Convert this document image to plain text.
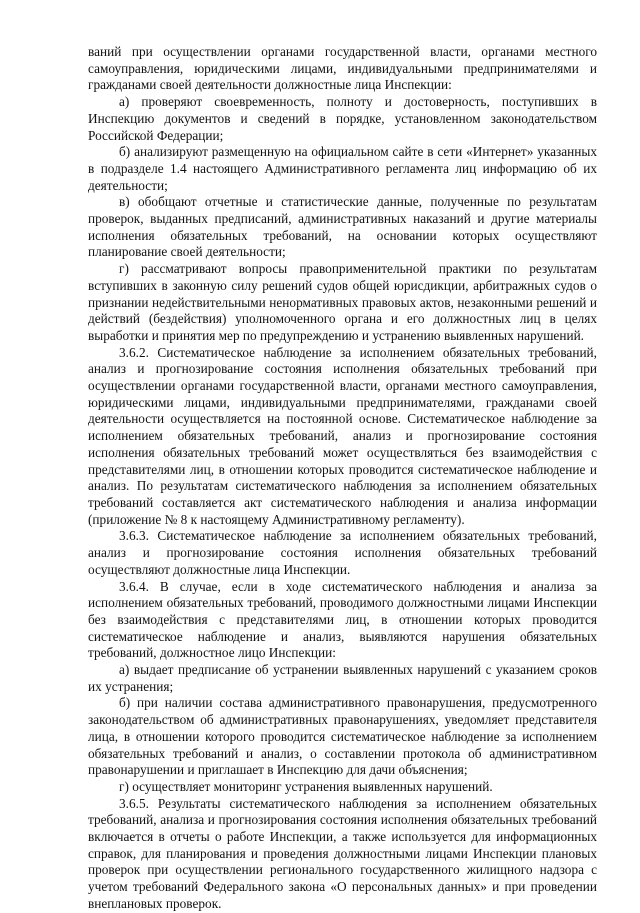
ваний при осуществлении органами государственной власти, органами местного самоуправления, юридическими лицами, индивидуальными предпринимателями и гражданами своей деятельности должностные лица Инспекции:

а) проверяют своевременность, полноту и достоверность, поступивших в Инспекцию документов и сведений в порядке, установленном законодательством Российской Федерации;

б) анализируют размещенную на официальном сайте в сети «Интернет» указанных в подразделе 1.4 настоящего Административного регламента лиц информацию об их деятельности;

в) обобщают отчетные и статистические данные, полученные по результатам проверок, выданных предписаний, административных наказаний и другие материалы исполнения обязательных требований, на основании которых осуществляют планирование своей деятельности;

г) рассматривают вопросы правоприменительной практики по результатам вступивших в законную силу решений судов общей юрисдикции, арбитражных судов о признании недействительными ненормативных правовых актов, незаконными решений и действий (бездействия) уполномоченного органа и его должностных лиц в целях выработки и принятия мер по предупреждению и устранению выявленных нарушений.

3.6.2. Систематическое наблюдение за исполнением обязательных требований, анализ и прогнозирование состояния исполнения обязательных требований при осуществлении органами государственной власти, органами местного самоуправления, юридическими лицами, индивидуальными предпринимателями, гражданами своей деятельности осуществляется на постоянной основе. Систематическое наблюдение за исполнением обязательных требований, анализ и прогнозирование состояния исполнения обязательных требований может осуществляться без взаимодействия с представителями лиц, в отношении которых проводится систематическое наблюдение и анализ. По результатам систематического наблюдения за исполнением обязательных требований составляется акт систематического наблюдения и анализа информации (приложение № 8 к настоящему Административному регламенту).

3.6.3. Систематическое наблюдение за исполнением обязательных требований, анализ и прогнозирование состояния исполнения обязательных требований осуществляют должностные лица Инспекции.

3.6.4. В случае, если в ходе систематического наблюдения и анализа за исполнением обязательных требований, проводимого должностными лицами Инспекции без взаимодействия с представителями лиц, в отношении которых проводится систематическое наблюдение и анализ, выявляются нарушения обязательных требований, должностное лицо Инспекции:

а) выдает предписание об устранении выявленных нарушений с указанием сроков их устранения;

б) при наличии состава административного правонарушения, предусмотренного законодательством об административных правонарушениях, уведомляет представителя лица, в отношении которого проводится систематическое наблюдение за исполнением обязательных требований и анализ, о составлении протокола об административном правонарушении и приглашает в Инспекцию для дачи объяснения;

г) осуществляет мониторинг устранения выявленных нарушений.

3.6.5. Результаты систематического наблюдения за исполнением обязательных требований, анализа и прогнозирования состояния исполнения обязательных требований включается в отчеты о работе Инспекции, а также используется для информационных справок, для планирования и проведения должностными лицами Инспекции плановых проверок при осуществлении регионального государственного жилищного надзора с учетом требований Федерального закона «О персональных данных» и при проведении внеплановых проверок.
